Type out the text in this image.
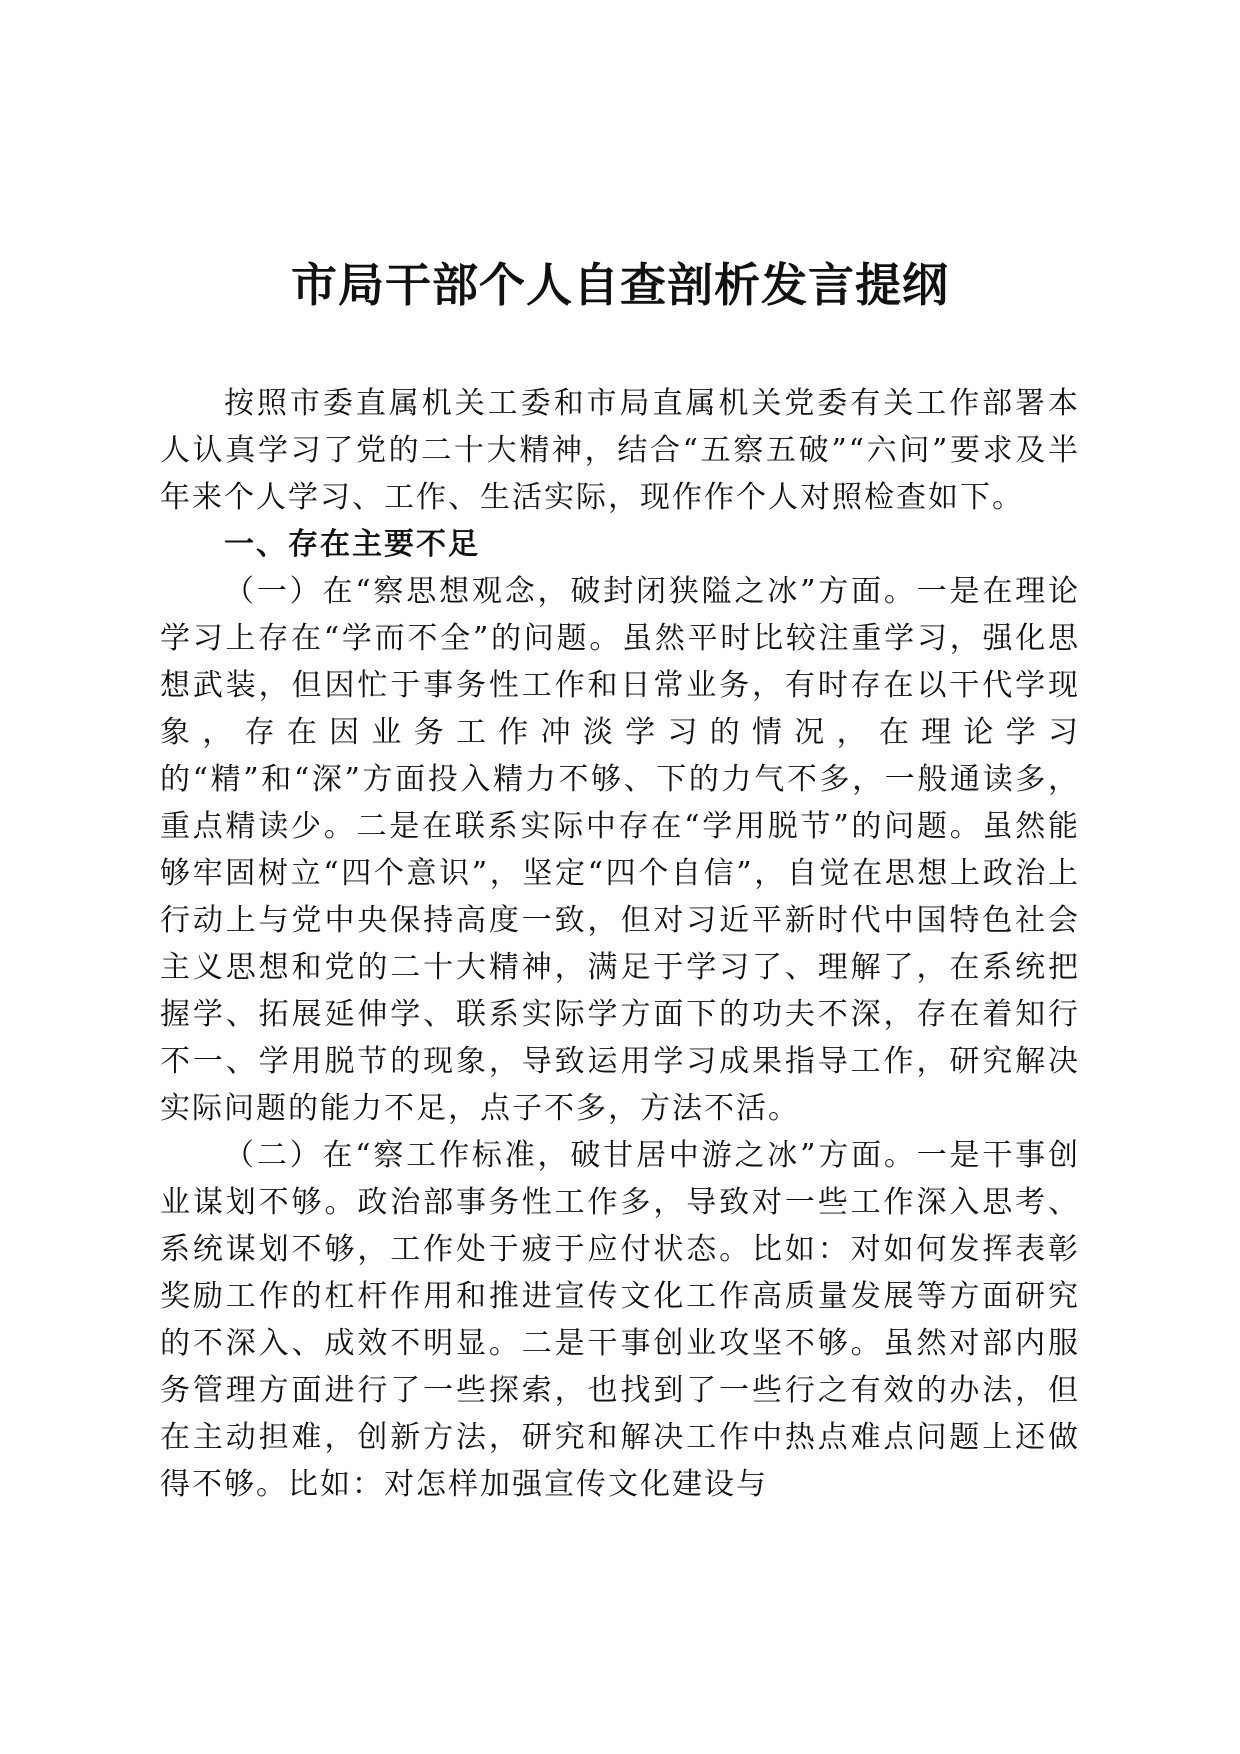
市局干部个人自查剖析发言提纲

按照市委直属机关工委和市局直属机关党委有关工作部署本人认真学习了党的二十大精神，结合“五察五破”“六问”要求及半年来个人学习、工作、生活实际，现作作个人对照检查如下。

一、存在主要不足

（一）在“察思想观念，破封闭狭隘之冰”方面。一是在理论学习上存在“学而不全”的问题。虽然平时比较注重学习，强化思想武装，但因忙于事务性工作和日常业务，有时存在以干代学现象，存在因业务工作冲淡学习的情况，在理论学习的“精”和“深”方面投入精力不够、下的力气不多，一般通读多，重点精读少。二是在联系实际中存在“学用脱节”的问题。虽然能够牢固树立“四个意识”，坚定“四个自信”，自觉在思想上政治上行动上与党中央保持高度一致，但对习近平新时代中国特色社会主义思想和党的二十大精神，满足于学习了、理解了，在系统把握学、拓展延伸学、联系实际学方面下的功夫不深，存在着知行不一、学用脱节的现象，导致运用学习成果指导工作，研究解决实际问题的能力不足，点子不多，方法不活。

（二）在“察工作标准，破甘居中游之冰”方面。一是干事创业谋划不够。政治部事务性工作多，导致对一些工作深入思考、系统谋划不够，工作处于疲于应付状态。比如：对如何发挥表彰奖励工作的杠杆作用和推进宣传文化工作高质量发展等方面研究的不深入、成效不明显。二是干事创业攻坚不够。虽然对部内服务管理方面进行了一些探索，也找到了一些行之有效的办法，但在主动担难，创新方法，研究和解决工作中热点难点问题上还做得不够。比如：对怎样加强宣传文化建设与
